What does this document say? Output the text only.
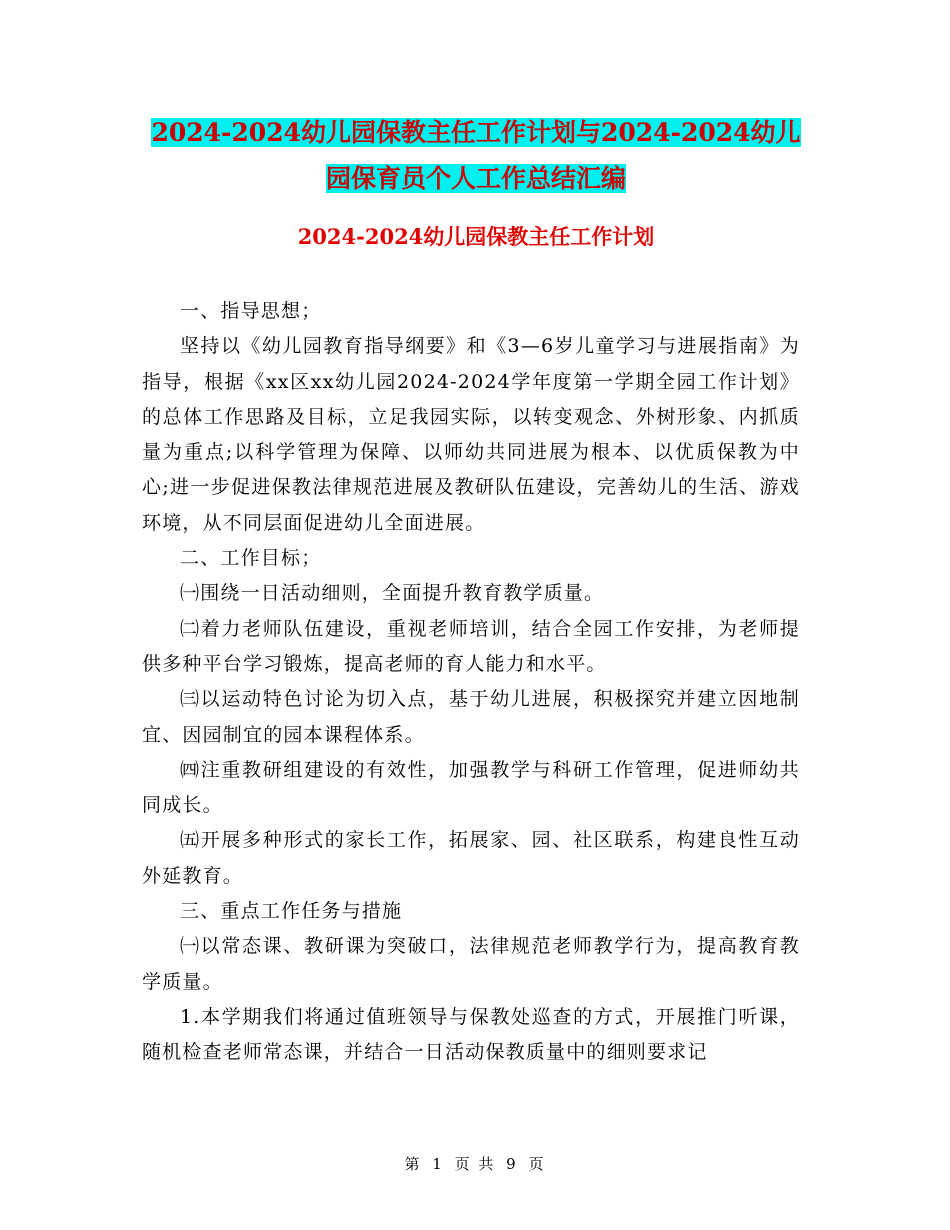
2024-2024幼儿园保教主任工作计划与2024-2024幼儿园保育员个人工作总结汇编
2024-2024幼儿园保教主任工作计划

一、指导思想；

坚持以《幼儿园教育指导纲要》和《3—6岁儿童学习与进展指南》为指导，根据《xx区xx幼儿园2024-2024学年度第一学期全园工作计划》的总体工作思路及目标，立足我园实际，以转变观念、外树形象、内抓质量为重点;以科学管理为保障、以师幼共同进展为根本、以优质保教为中心;进一步促进保教法律规范进展及教研队伍建设，完善幼儿的生活、游戏环境，从不同层面促进幼儿全面进展。

二、工作目标；

㈠围绕一日活动细则，全面提升教育教学质量。

㈡着力老师队伍建设，重视老师培训，结合全园工作安排，为老师提供多种平台学习锻炼，提高老师的育人能力和水平。

㈢以运动特色讨论为切入点，基于幼儿进展，积极探究并建立因地制宜、因园制宜的园本课程体系。

㈣注重教研组建设的有效性，加强教学与科研工作管理，促进师幼共同成长。

㈤开展多种形式的家长工作，拓展家、园、社区联系，构建良性互动外延教育。

三、重点工作任务与措施

㈠以常态课、教研课为突破口，法律规范老师教学行为，提高教育教学质量。

1.本学期我们将通过值班领导与保教处巡查的方式，开展推门听课，随机检查老师常态课，并结合一日活动保教质量中的细则要求记

第 1 页 共 9 页
